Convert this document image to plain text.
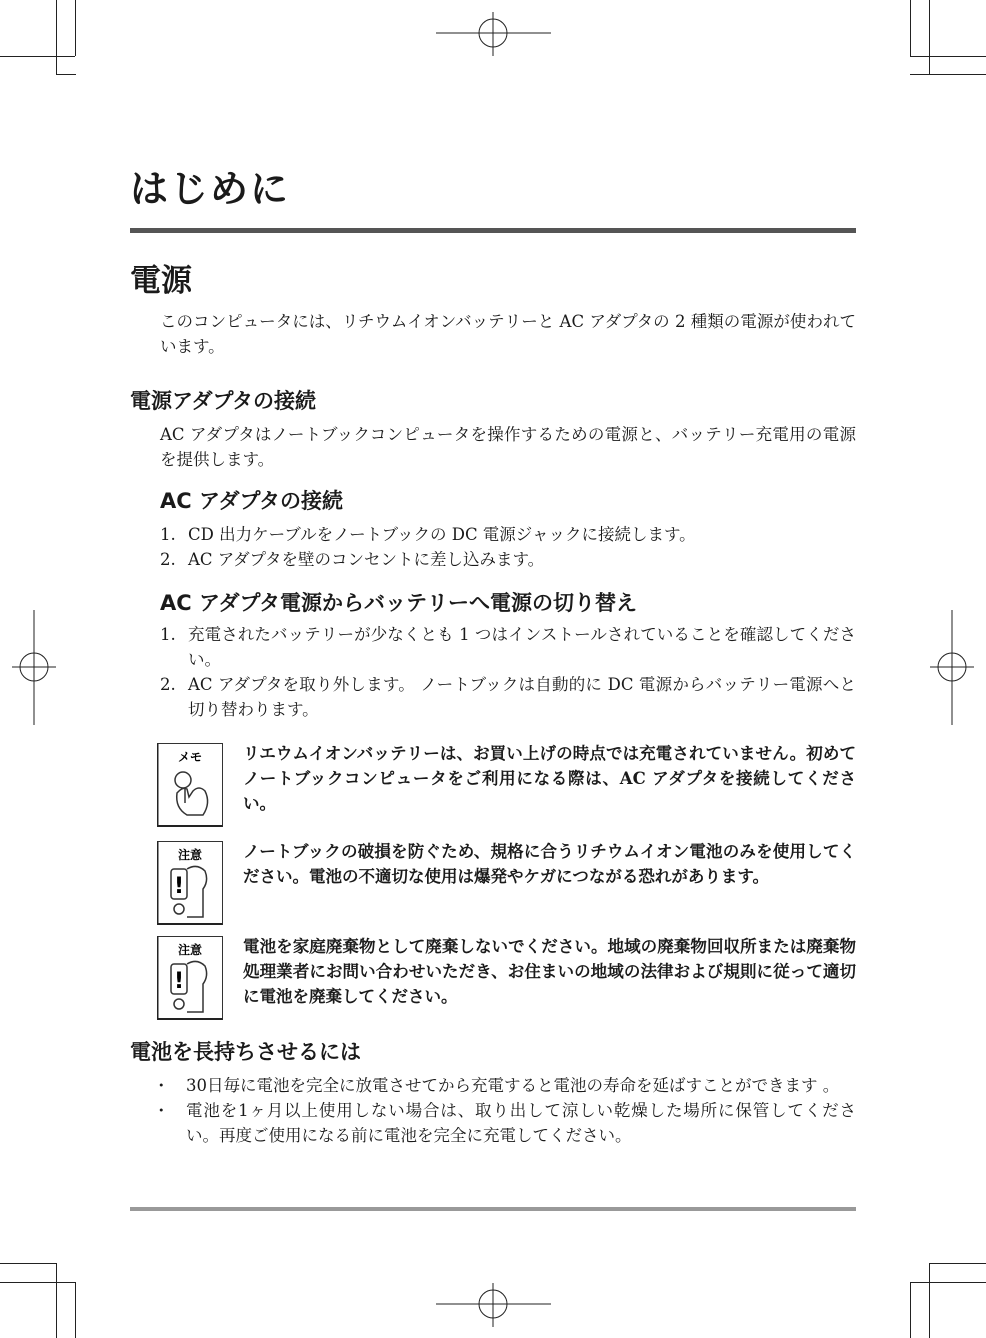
はじめに
電源
このコンピュータには、リチウムイオンバッテリーと AC アダプタの 2 種類の電源が使われています。
電源アダプタの接続
AC アダプタはノートブックコンピュータを操作するための電源と、バッテリー充電用の電源を提供します。
AC アダプタの接続
1. CD 出力ケーブルをノートブックの DC 電源ジャックに接続します。
2. AC アダプタを壁のコンセントに差し込みます。
AC アダプタ電源からバッテリーへ電源の切り替え
1. 充電されたバッテリーが少なくとも 1 つはインストールされていることを確認してください。
2. AC アダプタを取り外します。 ノートブックは自動的に DC 電源からバッテリー電源へと切り替わります。
メモ リエウムイオンバッテリーは、お買い上げの時点では充電されていません。初めてノートブックコンピュータをご利用になる際は、AC アダプタを接続してください。
注意
!
ノートブックの破損を防ぐため、規格に合うリチウムイオン電池のみを使用してください。電池の不適切な使用は爆発やケガにつながる恐れがあります。
注意
!
電池を家庭廃棄物として廃棄しないでください。地域の廃棄物回収所または廃棄物処理業者にお問い合わせいただき、お住まいの地域の法律および規則に従って適切に電池を廃棄してください。
電池を長持ちさせるには
・ 30日毎に電池を完全に放電させてから充電すると電池の寿命を延ばすことができます 。
・ 電池を1ヶ月以上使用しない場合は、取り出して涼しい乾燥した場所に保管してください。再度ご使用になる前に電池を完全に充電してください。
